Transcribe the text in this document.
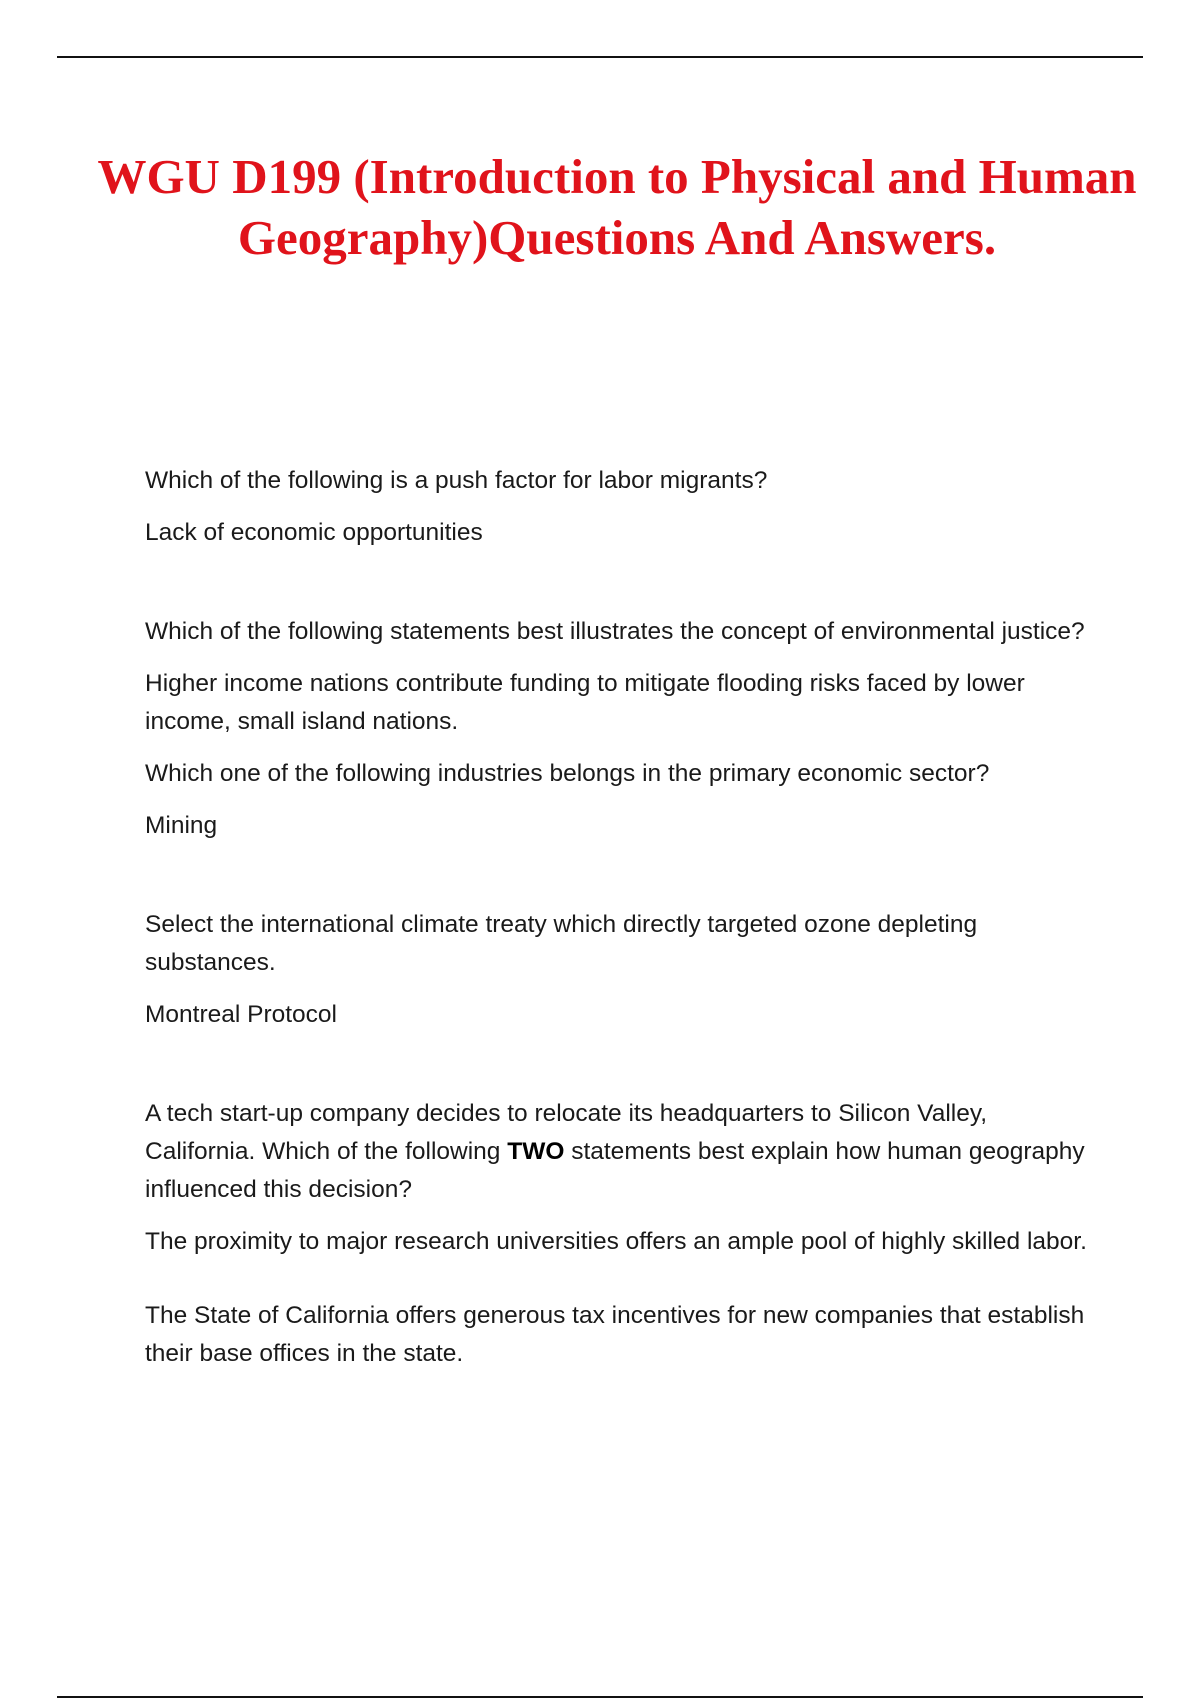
WGU D199 (Introduction to Physical and Human Geography)Questions And Answers.

Which of the following is a push factor for labor migrants?

Lack of economic opportunities

Which of the following statements best illustrates the concept of environmental justice?

Higher income nations contribute funding to mitigate flooding risks faced by lower income, small island nations.

Which one of the following industries belongs in the primary economic sector?

Mining

Select the international climate treaty which directly targeted ozone depleting substances.

Montreal Protocol

A tech start-up company decides to relocate its headquarters to Silicon Valley, California. Which of the following TWO statements best explain how human geography influenced this decision?

The proximity to major research universities offers an ample pool of highly skilled labor.

The State of California offers generous tax incentives for new companies that establish their base offices in the state.
